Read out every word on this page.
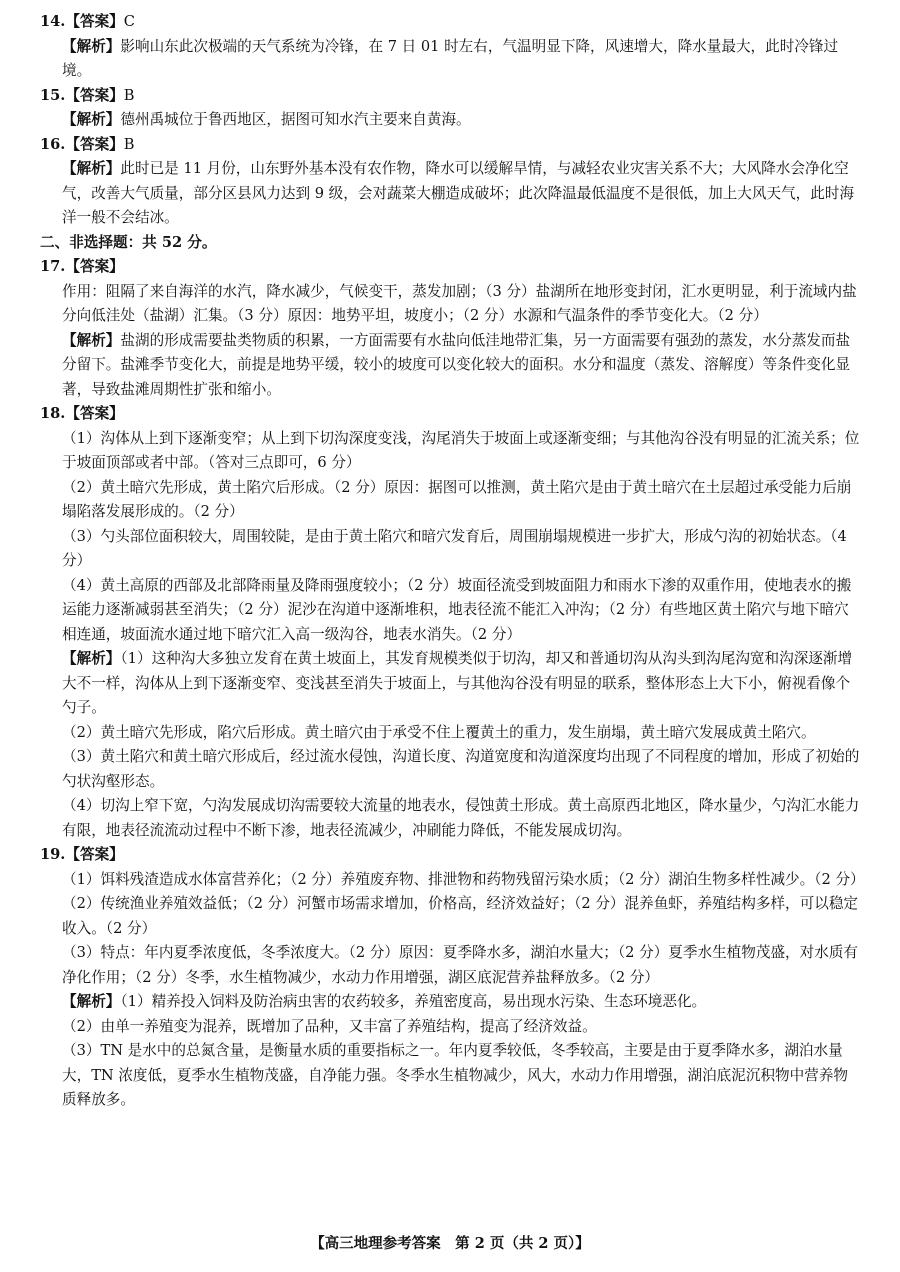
14.【答案】C
【解析】影响山东此次极端的天气系统为冷锋，在 7 日 01 时左右，气温明显下降，风速增大，降水量最大，此时冷锋过境。
15.【答案】B
【解析】德州禹城位于鲁西地区，据图可知水汽主要来自黄海。
16.【答案】B
【解析】此时已是 11 月份，山东野外基本没有农作物，降水可以缓解旱情，与减轻农业灾害关系不大；大风降水会净化空气，改善大气质量，部分区县风力达到 9 级，会对蔬菜大棚造成破坏；此次降温最低温度不是很低，加上大风天气，此时海洋一般不会结冰。
二、非选择题：共 52 分。
17.【答案】
作用：阻隔了来自海洋的水汽，降水减少，气候变干，蒸发加剧；（3 分）盐湖所在地形变封闭，汇水更明显，利于流域内盐分向低洼处（盐湖）汇集。（3 分）原因：地势平坦，坡度小；（2 分）水源和气温条件的季节变化大。（2 分）
【解析】盐湖的形成需要盐类物质的积累，一方面需要有水盐向低洼地带汇集，另一方面需要有强劲的蒸发，水分蒸发而盐分留下。盐滩季节变化大，前提是地势平缓，较小的坡度可以变化较大的面积。水分和温度（蒸发、溶解度）等条件变化显著，导致盐滩周期性扩张和缩小。
18.【答案】
（1）沟体从上到下逐渐变窄；从上到下切沟深度变浅，沟尾消失于坡面上或逐渐变细；与其他沟谷没有明显的汇流关系；位于坡面顶部或者中部。（答对三点即可，6 分）
（2）黄土暗穴先形成，黄土陷穴后形成。（2 分）原因：据图可以推测，黄土陷穴是由于黄土暗穴在土层超过承受能力后崩塌陷落发展形成的。（2 分）
（3）勺头部位面积较大，周围较陡，是由于黄土陷穴和暗穴发育后，周围崩塌规模进一步扩大，形成勺沟的初始状态。（4 分）
（4）黄土高原的西部及北部降雨量及降雨强度较小；（2 分）坡面径流受到坡面阻力和雨水下渗的双重作用，使地表水的搬运能力逐渐减弱甚至消失；（2 分）泥沙在沟道中逐渐堆积，地表径流不能汇入冲沟；（2 分）有些地区黄土陷穴与地下暗穴相连通，坡面流水通过地下暗穴汇入高一级沟谷，地表水消失。（2 分）
【解析】（1）这种沟大多独立发育在黄土坡面上，其发育规模类似于切沟，却又和普通切沟从沟头到沟尾沟宽和沟深逐渐增大不一样，沟体从上到下逐渐变窄、变浅甚至消失于坡面上，与其他沟谷没有明显的联系，整体形态上大下小，俯视看像个勺子。
（2）黄土暗穴先形成，陷穴后形成。黄土暗穴由于承受不住上覆黄土的重力，发生崩塌，黄土暗穴发展成黄土陷穴。
（3）黄土陷穴和黄土暗穴形成后，经过流水侵蚀，沟道长度、沟道宽度和沟道深度均出现了不同程度的增加，形成了初始的勺状沟壑形态。
（4）切沟上窄下宽，勺沟发展成切沟需要较大流量的地表水，侵蚀黄土形成。黄土高原西北地区，降水量少，勺沟汇水能力有限，地表径流流动过程中不断下渗，地表径流减少，冲刷能力降低，不能发展成切沟。
19.【答案】
（1）饵料残渣造成水体富营养化；（2 分）养殖废弃物、排泄物和药物残留污染水质；（2 分）湖泊生物多样性减少。（2 分）
（2）传统渔业养殖效益低；（2 分）河蟹市场需求增加，价格高，经济效益好；（2 分）混养鱼虾，养殖结构多样，可以稳定收入。（2 分）
（3）特点：年内夏季浓度低，冬季浓度大。（2 分）原因：夏季降水多，湖泊水量大；（2 分）夏季水生植物茂盛，对水质有净化作用；（2 分）冬季，水生植物减少，水动力作用增强，湖区底泥营养盐释放多。（2 分）
【解析】（1）精养投入饲料及防治病虫害的农药较多，养殖密度高，易出现水污染、生态环境恶化。
（2）由单一养殖变为混养，既增加了品种，又丰富了养殖结构，提高了经济效益。
（3）TN 是水中的总氮含量，是衡量水质的重要指标之一。年内夏季较低，冬季较高，主要是由于夏季降水多，湖泊水量大，TN 浓度低，夏季水生植物茂盛，自净能力强。冬季水生植物减少，风大，水动力作用增强，湖泊底泥沉积物中营养物质释放多。
【高三地理参考答案　第 2 页（共 2 页）】
